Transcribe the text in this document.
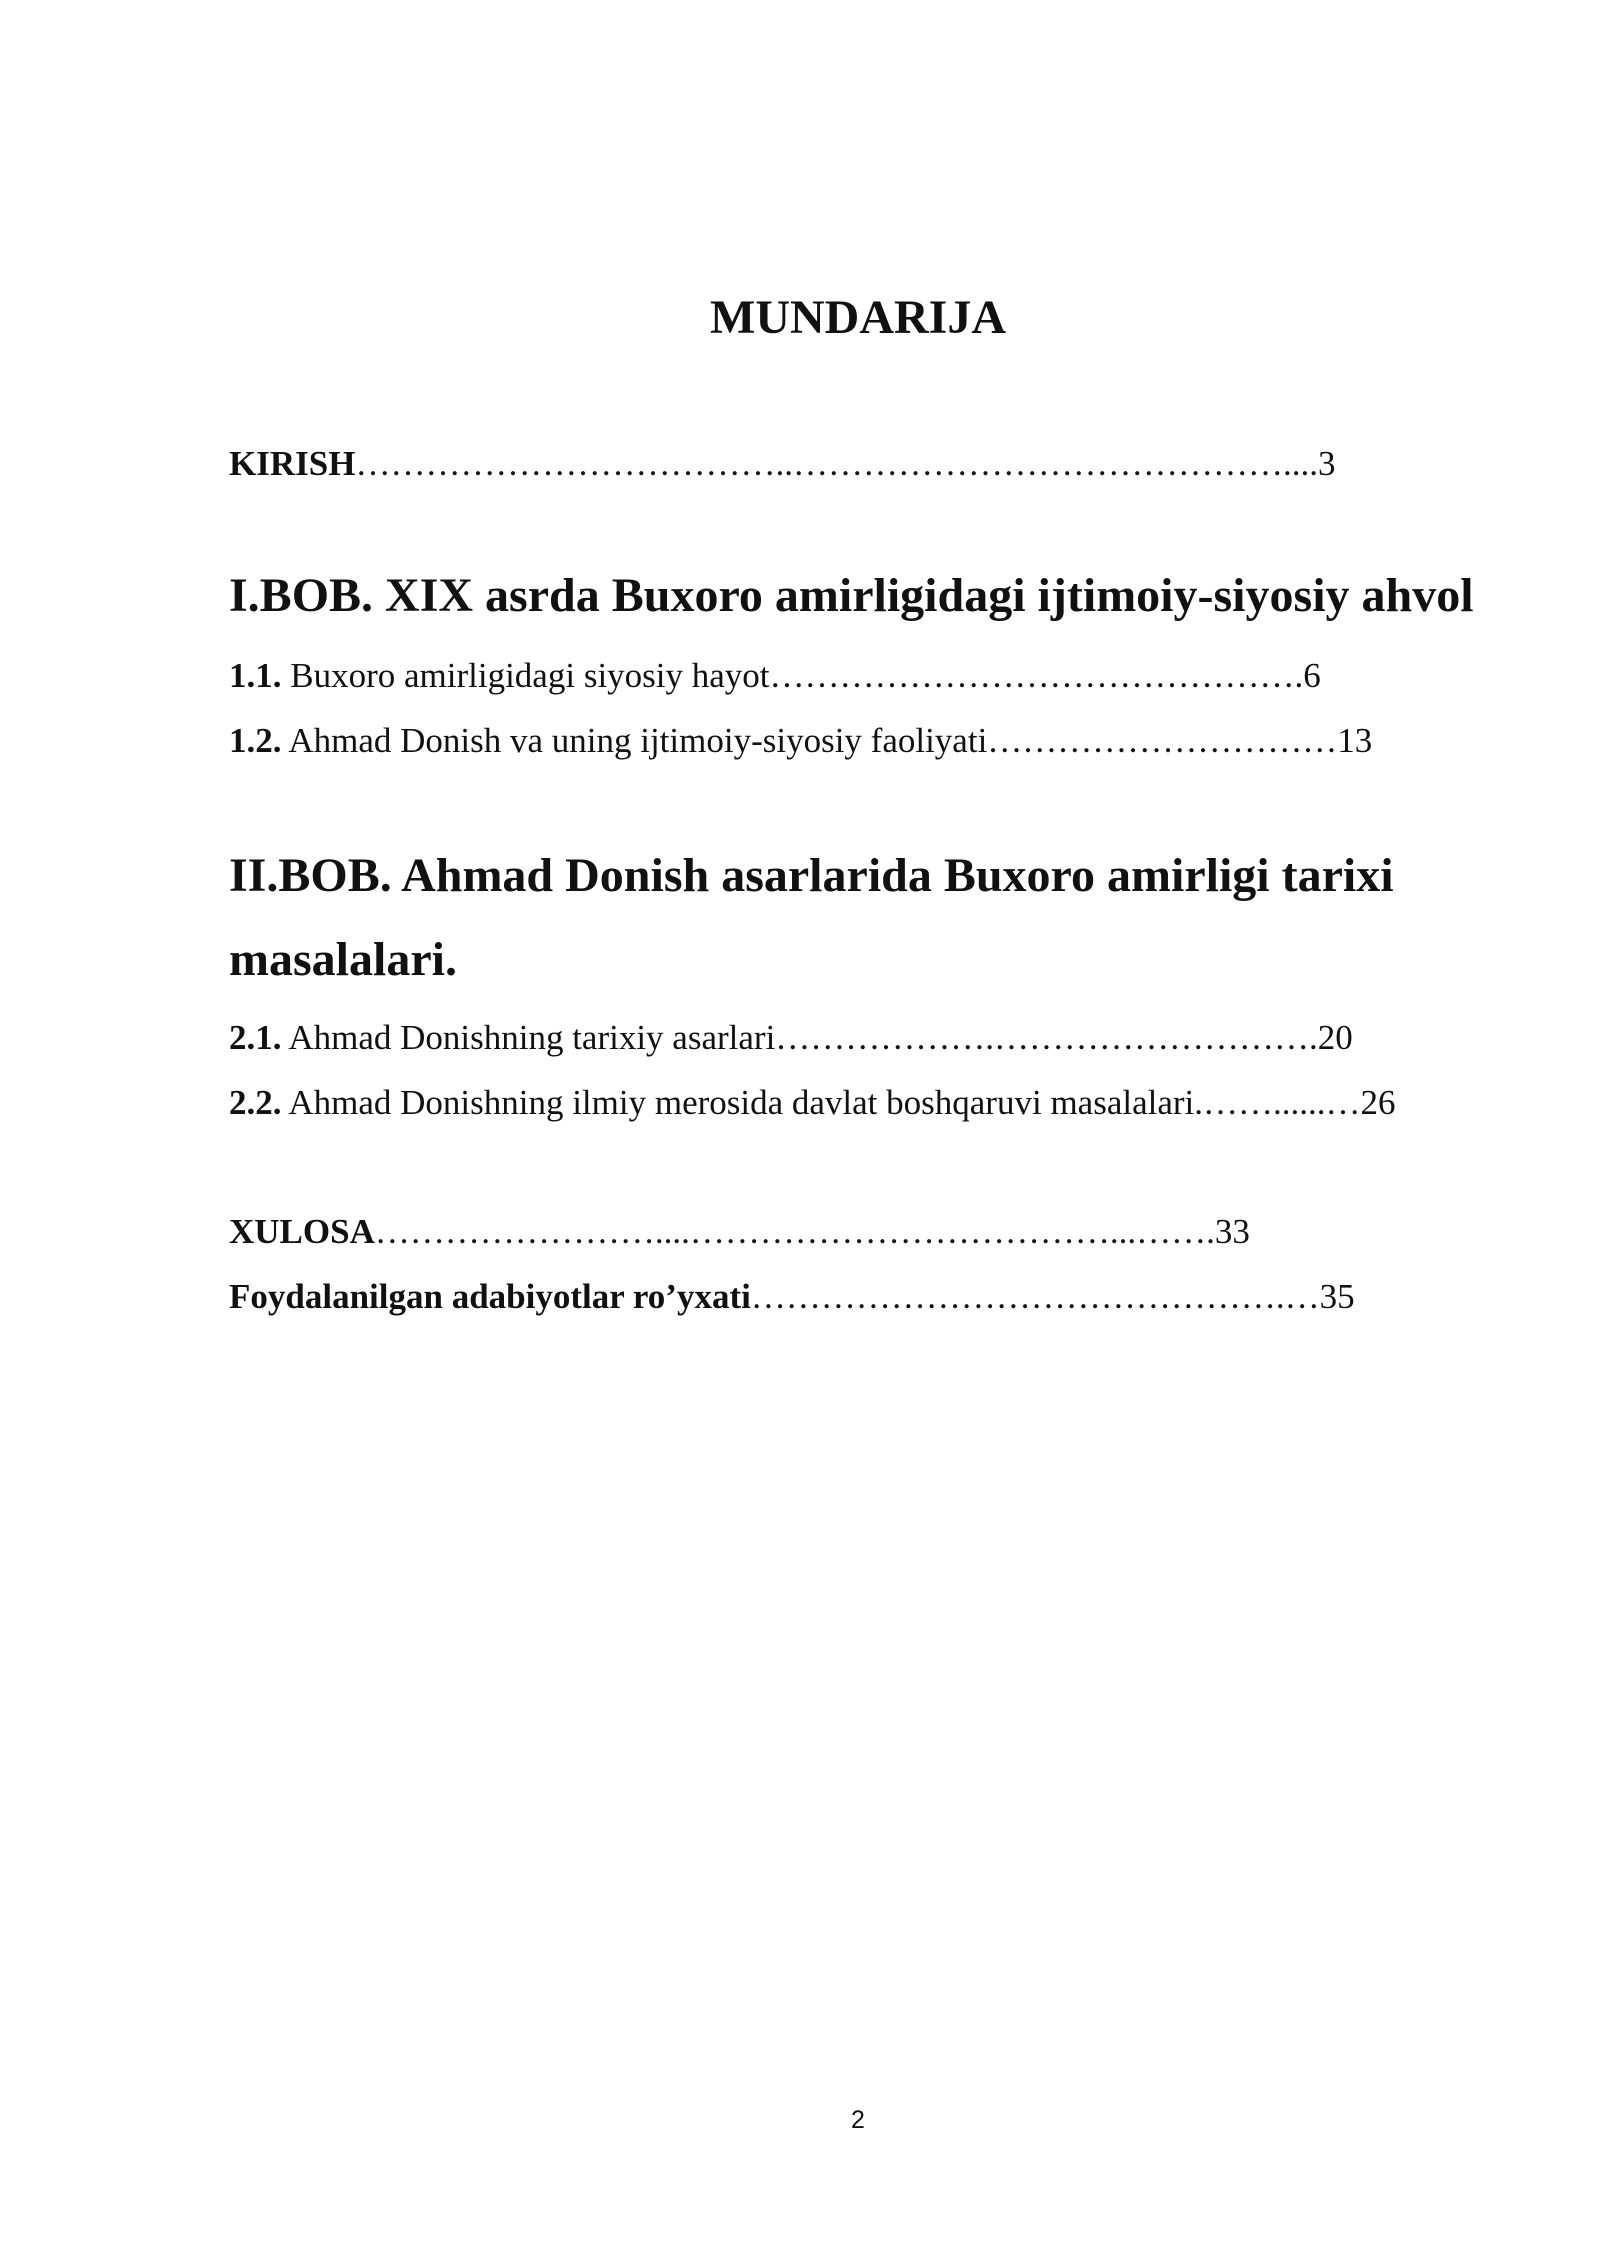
MUNDARIJA
KIRISH………………………………..……………………………………....3
I.BOB. XIX asrda Buxoro amirligidagi ijtimoiy-siyosiy ahvol
1.1. Buxoro amirligidagi siyosiy hayot……………………………………….6
1.2. Ahmad Donish va uning ijtimoiy-siyosiy faoliyati…………………………13
II.BOB. Ahmad Donish asarlarida Buxoro amirligi tarixi
masalalari.
2.1. Ahmad Donishning tarixiy asarlari……………….……………………….20
2.2. Ahmad Donishning ilmiy merosida davlat boshqaruvi masalalari.……......…26
XULOSA……………………....………………………………...…….33
Foydalanilgan adabiyotlar ro’yxati……………………………………….…35
2
